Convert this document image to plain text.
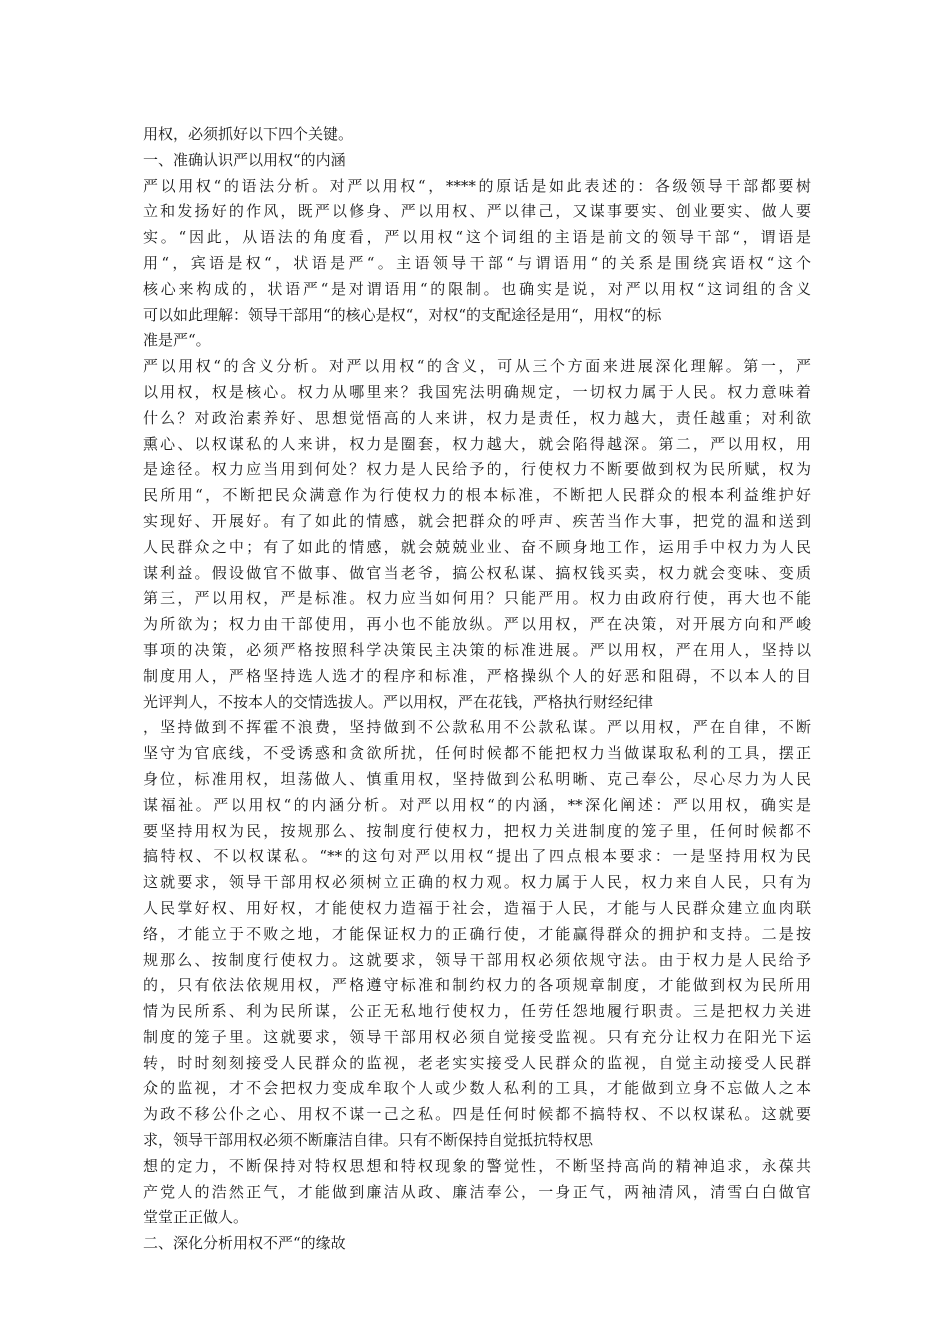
用权，必须抓好以下四个关键。
一、准确认识严以用权“的内涵
严以用权“的语法分析。对严以用权“，****的原话是如此表述的：各级领导干部都要树
立和发扬好的作风，既严以修身、严以用权、严以律己，又谋事要实、创业要实、做人要
实。“因此，从语法的角度看，严以用权“这个词组的主语是前文的领导干部“，谓语是
用“，宾语是权“，状语是严“。主语领导干部“与谓语用“的关系是围绕宾语权“这个
核心来构成的，状语严“是对谓语用“的限制。也确实是说，对严以用权“这词组的含义
可以如此理解：领导干部用“的核心是权“，对权“的支配途径是用“，用权“的标
准是严“。
严以用权“的含义分析。对严以用权“的含义，可从三个方面来进展深化理解。第一，严
以用权，权是核心。权力从哪里来？我国宪法明确规定，一切权力属于人民。权力意味着
什么？对政治素养好、思想觉悟高的人来讲，权力是责任，权力越大，责任越重；对利欲
熏心、以权谋私的人来讲，权力是圈套，权力越大，就会陷得越深。第二，严以用权，用
是途径。权力应当用到何处？权力是人民给予的，行使权力不断要做到权为民所赋，权为
民所用“，不断把民众满意作为行使权力的根本标准，不断把人民群众的根本利益维护好
实现好、开展好。有了如此的情感，就会把群众的呼声、疾苦当作大事，把党的温和送到
人民群众之中；有了如此的情感，就会兢兢业业、奋不顾身地工作，运用手中权力为人民
谋利益。假设做官不做事、做官当老爷，搞公权私谋、搞权钱买卖，权力就会变味、变质
第三，严以用权，严是标准。权力应当如何用？只能严用。权力由政府行使，再大也不能
为所欲为；权力由干部使用，再小也不能放纵。严以用权，严在决策，对开展方向和严峻
事项的决策，必须严格按照科学决策民主决策的标准进展。严以用权，严在用人，坚持以
制度用人，严格坚持选人选才的程序和标准，严格操纵个人的好恶和阻碍，不以本人的目
光评判人，不按本人的交情选拔人。严以用权，严在花钱，严格执行财经纪律
，坚持做到不挥霍不浪费，坚持做到不公款私用不公款私谋。严以用权，严在自律，不断
坚守为官底线，不受诱惑和贪欲所扰，任何时候都不能把权力当做谋取私利的工具，摆正
身位，标准用权，坦荡做人、慎重用权，坚持做到公私明晰、克己奉公，尽心尽力为人民
谋福祉。严以用权“的内涵分析。对严以用权“的内涵，**深化阐述：严以用权，确实是
要坚持用权为民，按规那么、按制度行使权力，把权力关进制度的笼子里，任何时候都不
搞特权、不以权谋私。“**的这句对严以用权“提出了四点根本要求：一是坚持用权为民
这就要求，领导干部用权必须树立正确的权力观。权力属于人民，权力来自人民，只有为
人民掌好权、用好权，才能使权力造福于社会，造福于人民，才能与人民群众建立血肉联
络，才能立于不败之地，才能保证权力的正确行使，才能赢得群众的拥护和支持。二是按
规那么、按制度行使权力。这就要求，领导干部用权必须依规守法。由于权力是人民给予
的，只有依法依规用权，严格遵守标准和制约权力的各项规章制度，才能做到权为民所用
情为民所系、利为民所谋，公正无私地行使权力，任劳任怨地履行职责。三是把权力关进
制度的笼子里。这就要求，领导干部用权必须自觉接受监视。只有充分让权力在阳光下运
转，时时刻刻接受人民群众的监视，老老实实接受人民群众的监视，自觉主动接受人民群
众的监视，才不会把权力变成牟取个人或少数人私利的工具，才能做到立身不忘做人之本
为政不移公仆之心、用权不谋一己之私。四是任何时候都不搞特权、不以权谋私。这就要
求，领导干部用权必须不断廉洁自律。只有不断保持自觉抵抗特权思
想的定力，不断保持对特权思想和特权现象的警觉性，不断坚持高尚的精神追求，永葆共
产党人的浩然正气，才能做到廉洁从政、廉洁奉公，一身正气，两袖清风，清雪白白做官
堂堂正正做人。
二、深化分析用权不严“的缘故
